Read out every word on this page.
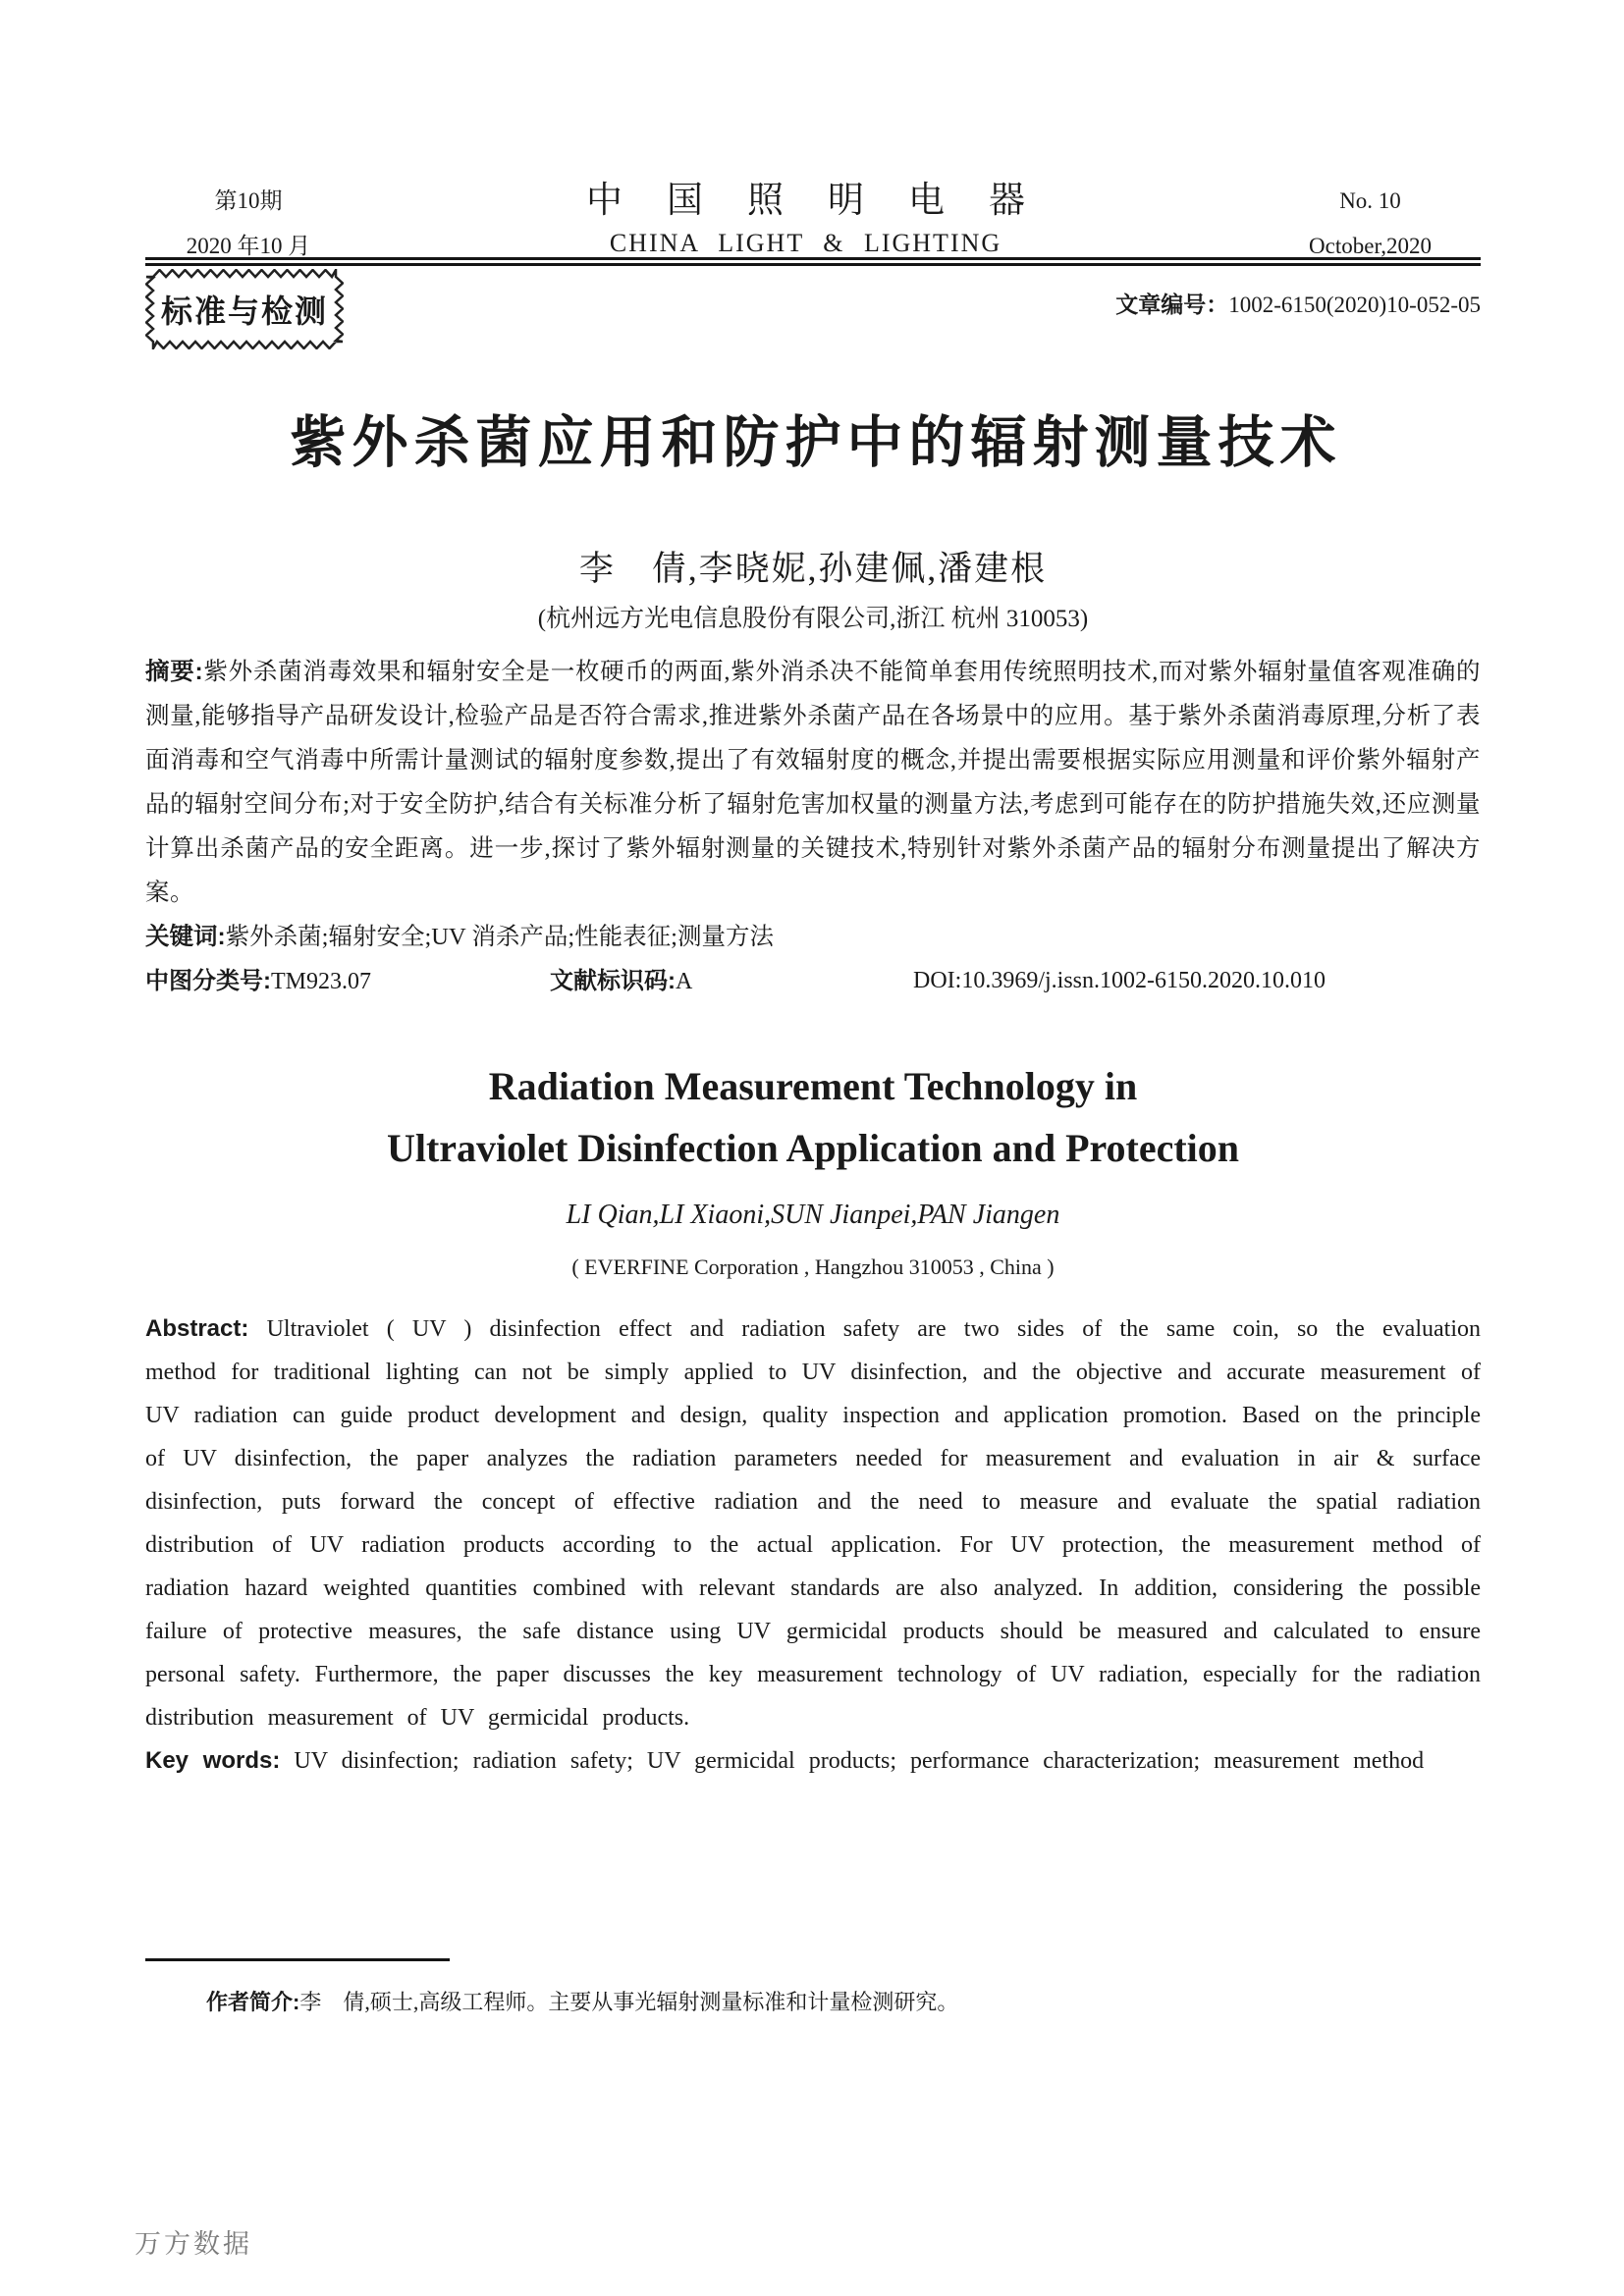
第10期
2020 年10 月
中国照明电器
CHINA LIGHT & LIGHTING
No. 10
October,2020
标准与检测	文章编号：1002-6150(2020)10-052-05
紫外杀菌应用和防护中的辐射测量技术
李　倩,李晓妮,孙建佩,潘建根
(杭州远方光电信息股份有限公司,浙江 杭州 310053)

摘要:紫外杀菌消毒效果和辐射安全是一枚硬币的两面,紫外消杀决不能简单套用传统照明技术,而对紫外辐射量值客观准确的测量,能够指导产品研发设计,检验产品是否符合需求,推进紫外杀菌产品在各场景中的应用。基于紫外杀菌消毒原理,分析了表面消毒和空气消毒中所需计量测试的辐射度参数,提出了有效辐射度的概念,并提出需要根据实际应用测量和评价紫外辐射产品的辐射空间分布;对于安全防护,结合有关标准分析了辐射危害加权量的测量方法,考虑到可能存在的防护措施失效,还应测量计算出杀菌产品的安全距离。进一步,探讨了紫外辐射测量的关键技术,特别针对紫外杀菌产品的辐射分布测量提出了解决方案。

关键词:紫外杀菌;辐射安全;UV 消杀产品;性能表征;测量方法

中图分类号:TM923.07	文献标识码:A	DOI:10.3969/j.issn.1002-6150.2020.10.010
Radiation Measurement Technology in
Ultraviolet Disinfection Application and Protection
LI Qian,LI Xiaoni,SUN Jianpei,PAN Jiangen
( EVERFINE Corporation , Hangzhou 310053 , China )

Abstract: Ultraviolet ( UV ) disinfection effect and radiation safety are two sides of the same coin, so the evaluation method for traditional lighting can not be simply applied to UV disinfection, and the objective and accurate measurement of UV radiation can guide product development and design, quality inspection and application promotion. Based on the principle of UV disinfection, the paper analyzes the radiation parameters needed for measurement and evaluation in air & surface disinfection, puts forward the concept of effective radiation and the need to measure and evaluate the spatial radiation distribution of UV radiation products according to the actual application. For UV protection, the measurement method of radiation hazard weighted quantities combined with relevant standards are also analyzed. In addition, considering the possible failure of protective measures, the safe distance using UV germicidal products should be measured and calculated to ensure personal safety. Furthermore, the paper discusses the key measurement technology of UV radiation, especially for the radiation distribution measurement of UV germicidal products.

Key words: UV disinfection; radiation safety; UV germicidal products; performance characterization; measurement method

作者简介:李　倩,硕士,高级工程师。主要从事光辐射测量标准和计量检测研究。

万方数据
